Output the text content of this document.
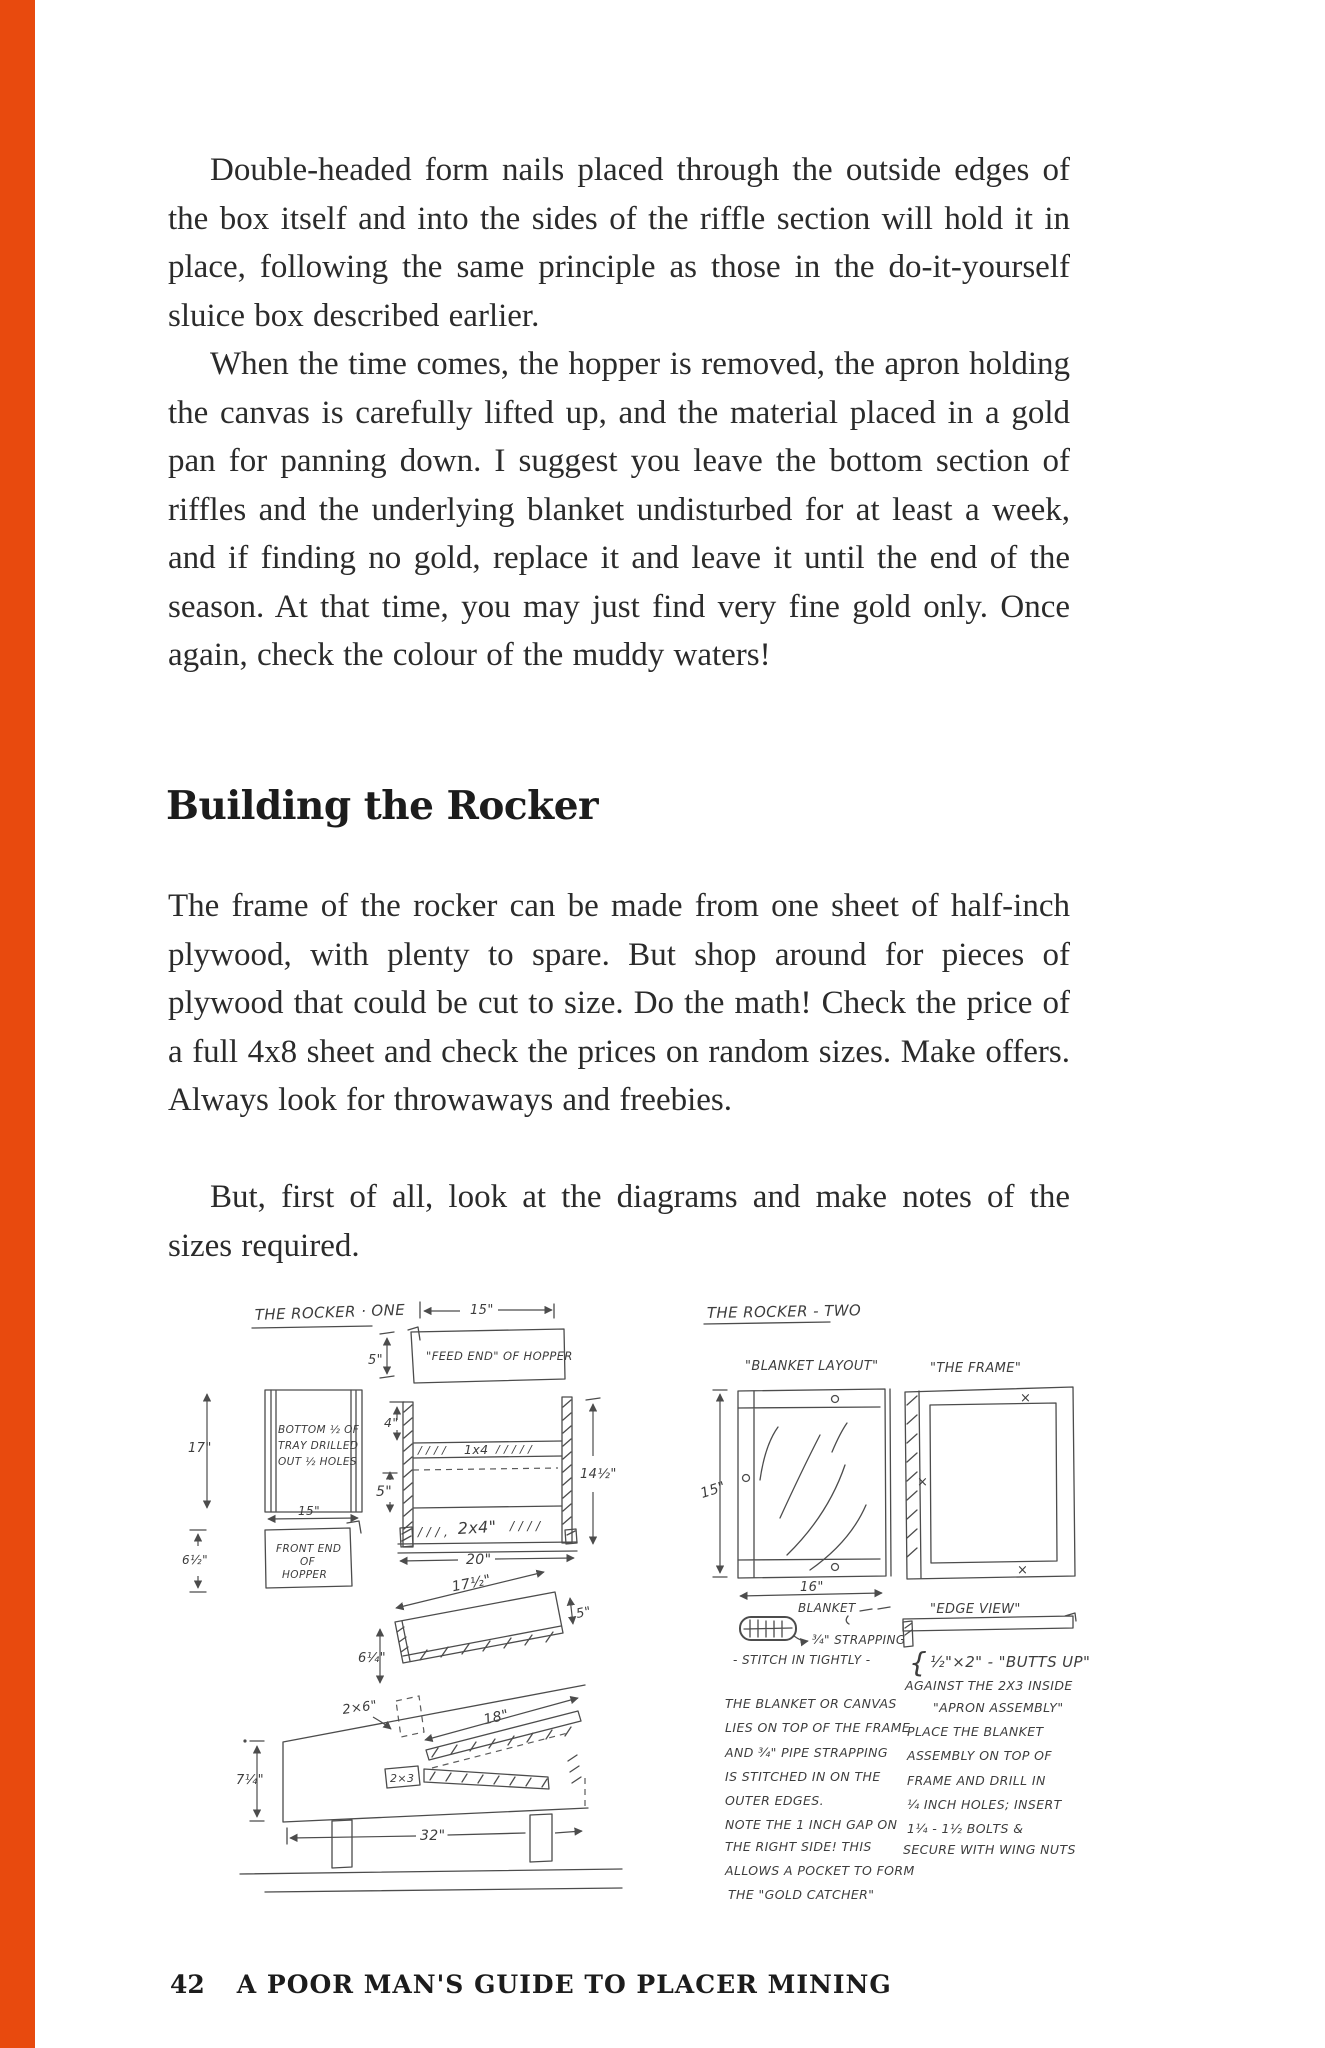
Double-headed form nails placed through the outside edges of the box itself and into the sides of the riffle section will hold it in place, following the same principle as those in the do-it-yourself sluice box described earlier.

When the time comes, the hopper is removed, the apron holding the canvas is carefully lifted up, and the material placed in a gold pan for panning down. I suggest you leave the bottom section of riffles and the underlying blanket undisturbed for at least a week, and if finding no gold, replace it and leave it until the end of the season. At that time, you may just find very fine gold only. Once again, check the colour of the muddy waters!

Building the Rocker

The frame of the rocker can be made from one sheet of half-inch plywood, with plenty to spare. But shop around for pieces of plywood that could be cut to size. Do the math! Check the price of a full 4x8 sheet and check the prices on random sizes. Make offers. Always look for throwaways and freebies.

But, first of all, look at the diagrams and make notes of the sizes required.

THE ROCKER · ONE	15"
"FEED END" OF HOPPER
5"
BOTTOM ½ OF
TRAY DRILLED
OUT ½ HOLES
17"
15"
FRONT END
OF
HOPPER
6½"
4"
/ / / / 1x4 / / / / /
5"
/ / / , 2x4" / / / /
20"
14½"
17½"
5"
6¼"
2×6"	18"
2×3
7¼"
32"
THE ROCKER - TWO
"BLANKET LAYOUT"
15"
16"
BLANKET
¾" STRAPPING
- STITCH IN TIGHTLY -
THE BLANKET OR CANVAS
LIES ON TOP OF THE FRAME
AND ¾" PIPE STRAPPING
IS STITCHED IN ON THE
OUTER EDGES.
NOTE THE 1 INCH GAP ON
THE RIGHT SIDE! THIS
ALLOWS A POCKET TO FORM
THE "GOLD CATCHER"
"THE FRAME"
×
×
×
"EDGE VIEW"
{ ½"×2" - "BUTTS UP"
AGAINST THE 2X3 INSIDE
"APRON ASSEMBLY"
PLACE THE BLANKET
ASSEMBLY ON TOP OF
FRAME AND DRILL IN
¼ INCH HOLES; INSERT
1¼ - 1½ BOLTS &
SECURE WITH WING NUTS
42 A POOR MAN'S GUIDE TO PLACER MINING
